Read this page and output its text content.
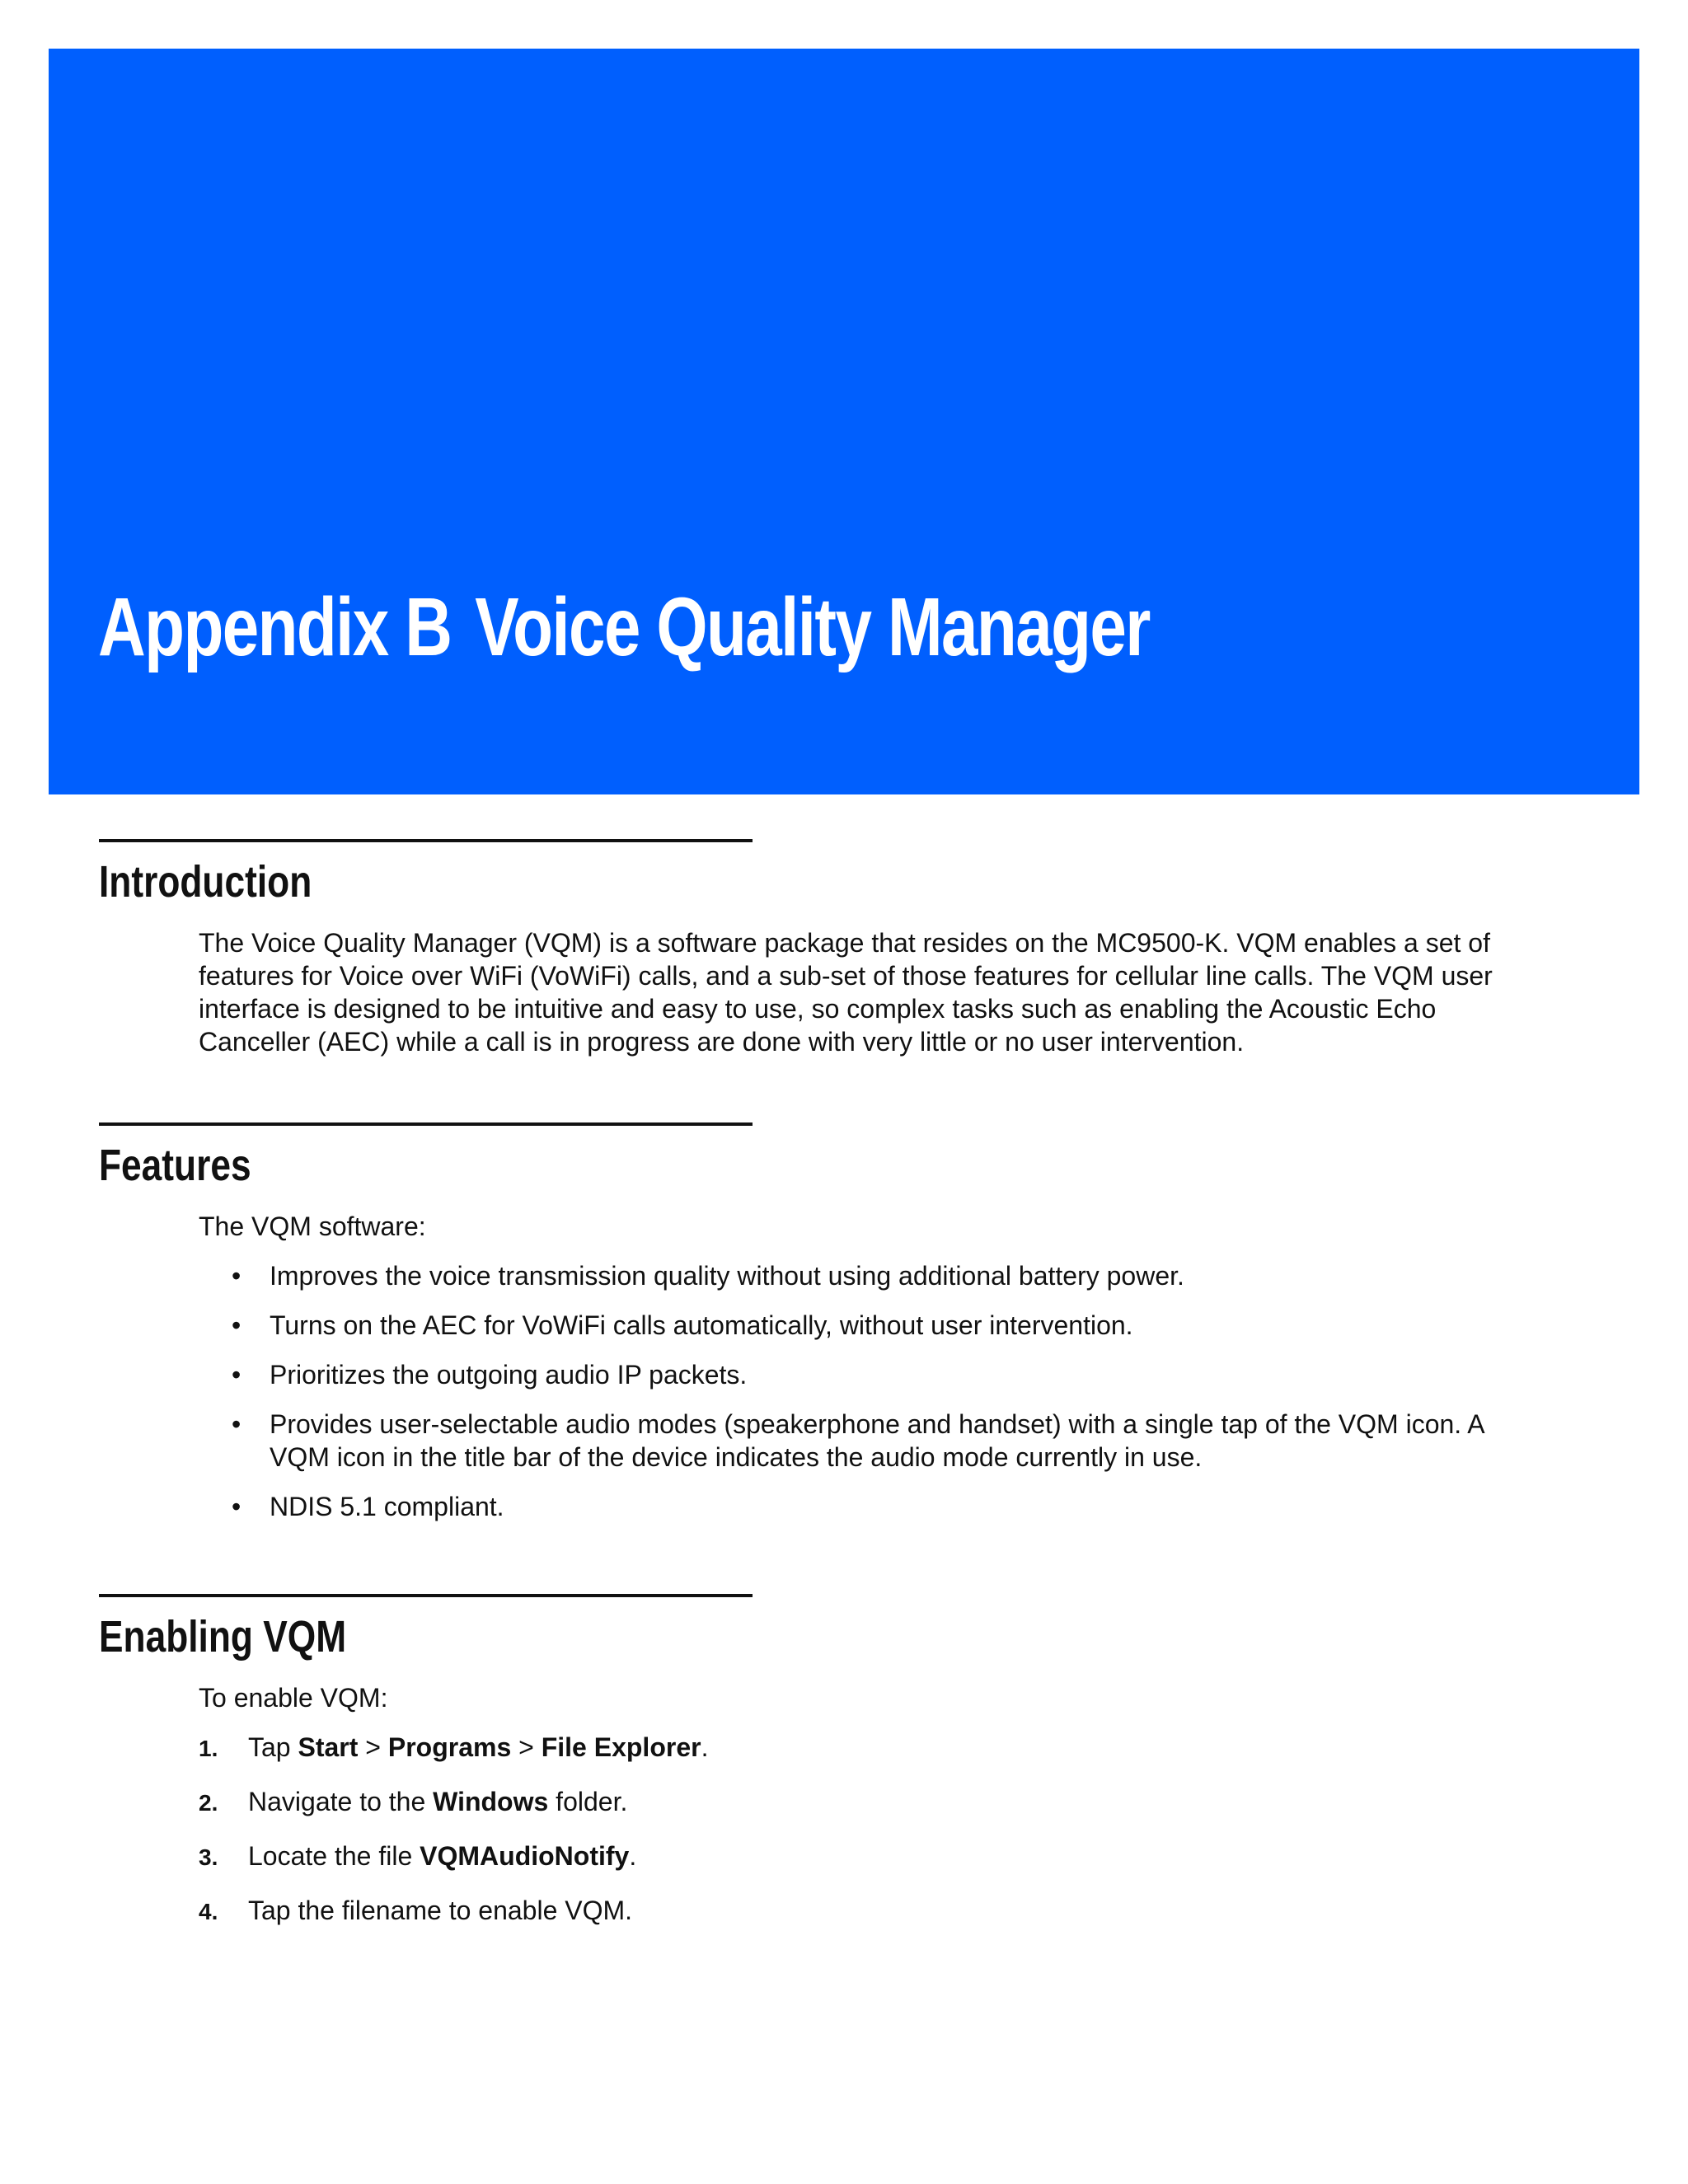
Appendix B Voice Quality Manager
Introduction

The Voice Quality Manager (VQM) is a software package that resides on the MC9500-K. VQM enables a set of

features for Voice over WiFi (VoWiFi) calls, and a sub-set of those features for cellular line calls. The VQM user

interface is designed to be intuitive and easy to use, so complex tasks such as enabling the Acoustic Echo

Canceller (AEC) while a call is in progress are done with very little or no user intervention.

Features

The VQM software:

• Improves the voice transmission quality without using additional battery power.
• Turns on the AEC for VoWiFi calls automatically, without user intervention.
• Prioritizes the outgoing audio IP packets.
• Provides user-selectable audio modes (speakerphone and handset) with a single tap of the VQM icon. A
VQM icon in the title bar of the device indicates the audio mode currently in use.
• NDIS 5.1 compliant.
Enabling VQM

To enable VQM:

1. Tap Start > Programs > File Explorer.
2. Navigate to the Windows folder.
3. Locate the file VQMAudioNotify.
4. Tap the filename to enable VQM.
